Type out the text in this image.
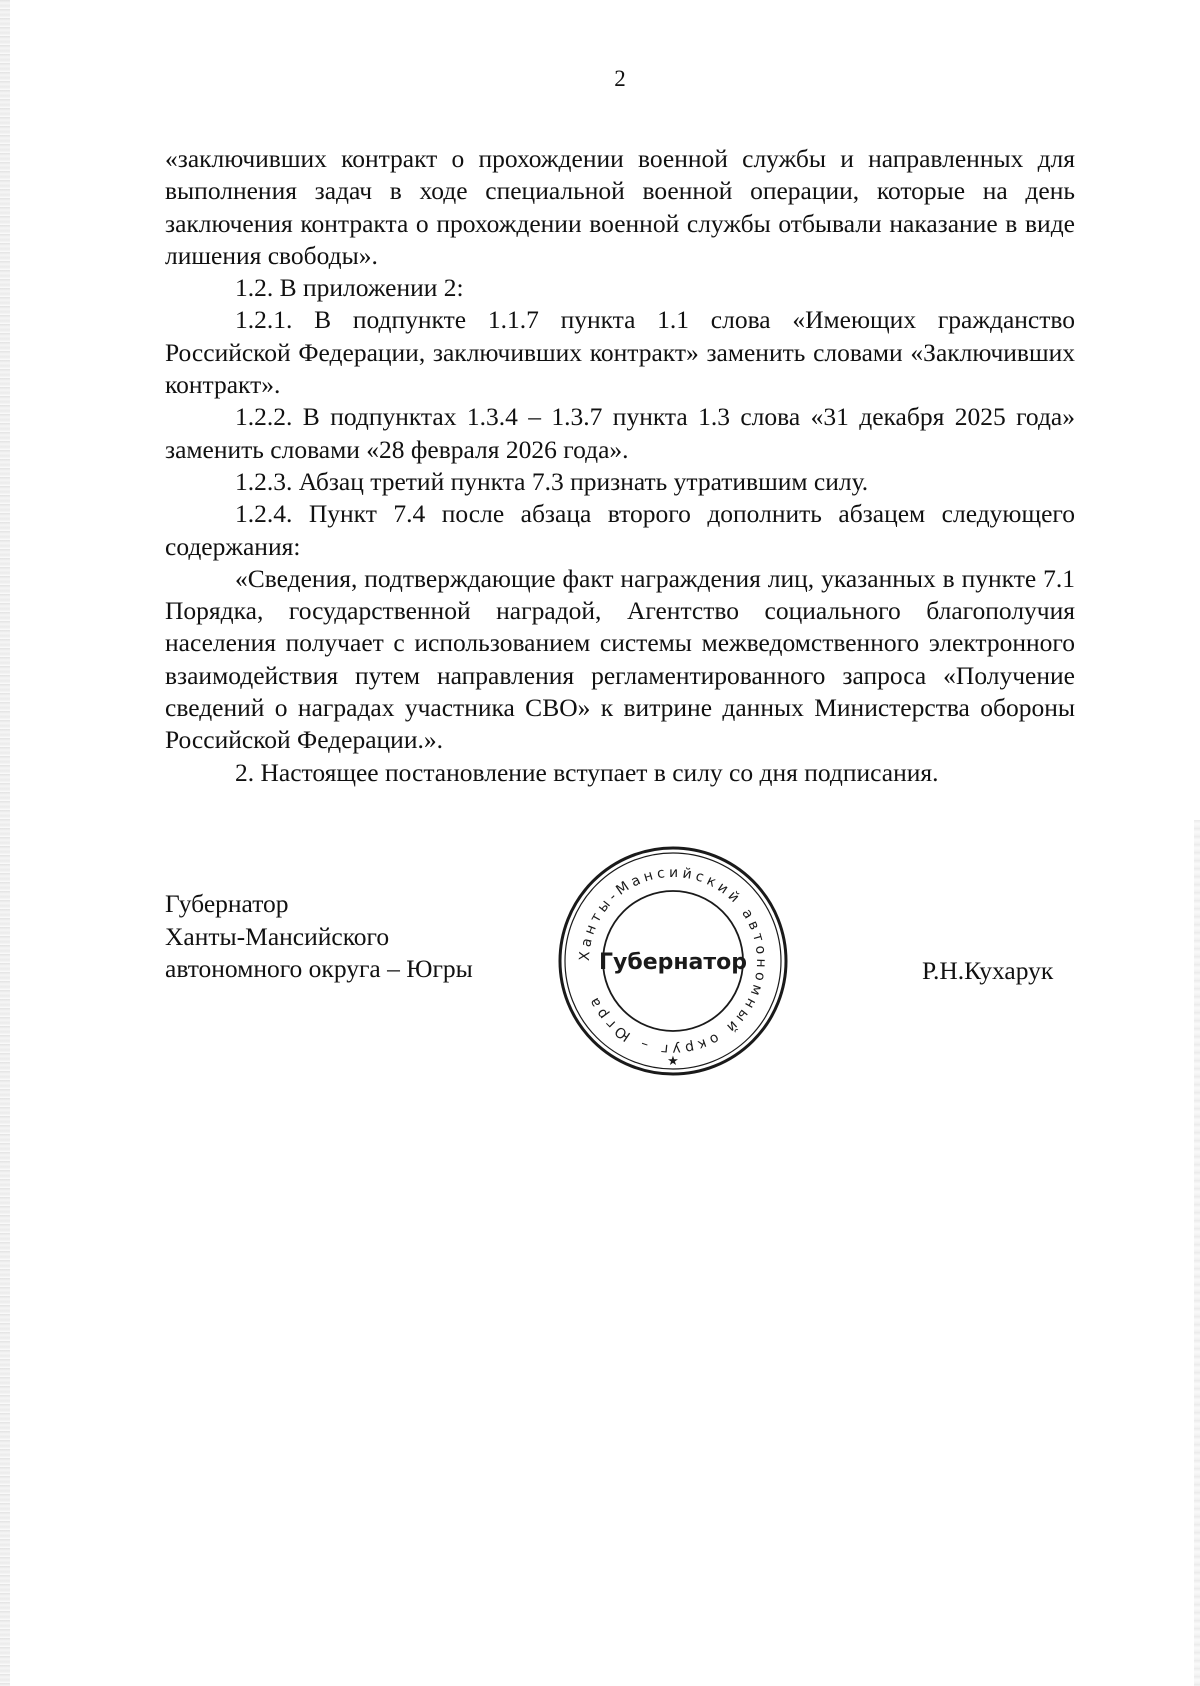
2

«заключивших контракт о прохождении военной службы и направленных для выполнения задач в ходе специальной военной операции, которые на день заключения контракта о прохождении военной службы отбывали наказание в виде лишения свободы».

1.2. В приложении 2:

1.2.1. В подпункте 1.1.7 пункта 1.1 слова «Имеющих гражданство Российской Федерации, заключивших контракт» заменить словами «Заключивших контракт».

1.2.2. В подпунктах 1.3.4 – 1.3.7 пункта 1.3 слова «31 декабря 2025 года» заменить словами «28 февраля 2026 года».

1.2.3. Абзац третий пункта 7.3 признать утратившим силу.

1.2.4. Пункт 7.4 после абзаца второго дополнить абзацем следующего содержания:

«Сведения, подтверждающие факт награждения лиц, указанных в пункте 7.1 Порядка, государственной наградой, Агентство социального благополучия населения получает с использованием системы межведомственного электронного взаимодействия путем направления регламентированного запроса «Получение сведений о наградах участника СВО» к витрине данных Министерства обороны Российской Федерации.».

2. Настоящее постановление вступает в силу со дня подписания.

Губернатор
Ханты-Мансийского
автономного округа – Югры	Ханты-Мансийский автономный округ – Югра
Губернатор
★
Р.Н.Кухарук
